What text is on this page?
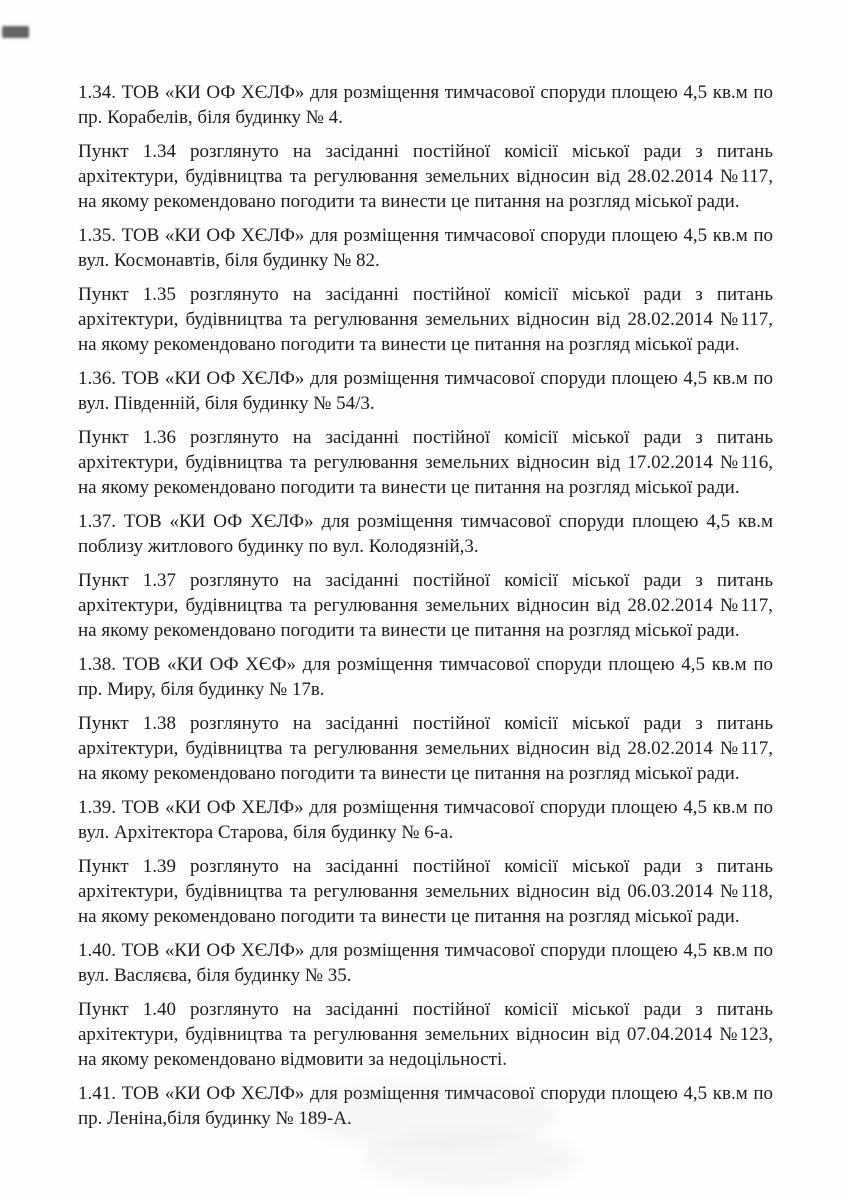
1.34. ТОВ «КИ ОФ ХЄЛФ» для розміщення тимчасової споруди площею 4,5 кв.м по пр. Корабелів, біля будинку № 4.
Пункт 1.34 розглянуто на засіданні постійної комісії міської ради з питань архітектури, будівництва та регулювання земельних відносин від 28.02.2014 №117, на якому рекомендовано погодити та винести це питання на розгляд міської ради.
1.35. ТОВ «КИ ОФ ХЄЛФ» для розміщення тимчасової споруди площею 4,5 кв.м по вул. Космонавтів, біля будинку № 82.
Пункт 1.35 розглянуто на засіданні постійної комісії міської ради з питань архітектури, будівництва та регулювання земельних відносин від 28.02.2014 №117, на якому рекомендовано погодити та винести це питання на розгляд міської ради.
1.36. ТОВ «КИ ОФ ХЄЛФ» для розміщення тимчасової споруди площею 4,5 кв.м по вул. Південній, біля будинку № 54/3.
Пункт 1.36 розглянуто на засіданні постійної комісії міської ради з питань архітектури, будівництва та регулювання земельних відносин від 17.02.2014 №116, на якому рекомендовано погодити та винести це питання на розгляд міської ради.
1.37. ТОВ «КИ ОФ ХЄЛФ» для розміщення тимчасової споруди площею 4,5 кв.м поблизу житлового будинку по вул. Колодязній,3.
Пункт 1.37 розглянуто на засіданні постійної комісії міської ради з питань архітектури, будівництва та регулювання земельних відносин від 28.02.2014 №117, на якому рекомендовано погодити та винести це питання на розгляд міської ради.
1.38. ТОВ «КИ ОФ ХЄФ» для розміщення тимчасової споруди площею 4,5 кв.м по пр. Миру, біля будинку № 17в.
Пункт 1.38 розглянуто на засіданні постійної комісії міської ради з питань архітектури, будівництва та регулювання земельних відносин від 28.02.2014 №117, на якому рекомендовано погодити та винести це питання на розгляд міської ради.
1.39. ТОВ «КИ ОФ ХЕЛФ» для розміщення тимчасової споруди площею 4,5 кв.м по вул. Архітектора Старова, біля будинку № 6-а.
Пункт 1.39 розглянуто на засіданні постійної комісії міської ради з питань архітектури, будівництва та регулювання земельних відносин від 06.03.2014 №118, на якому рекомендовано погодити та винести це питання на розгляд міської ради.
1.40. ТОВ «КИ ОФ ХЄЛФ» для розміщення тимчасової споруди площею 4,5 кв.м по вул. Васляєва, біля будинку № 35.
Пункт 1.40 розглянуто на засіданні постійної комісії міської ради з питань архітектури, будівництва та регулювання земельних відносин від 07.04.2014 №123, на якому рекомендовано відмовити за недоцільності.
1.41. ТОВ «КИ ОФ ХЄЛФ» для розміщення тимчасової споруди площею 4,5 кв.м по пр. Леніна,біля будинку № 189-А.
